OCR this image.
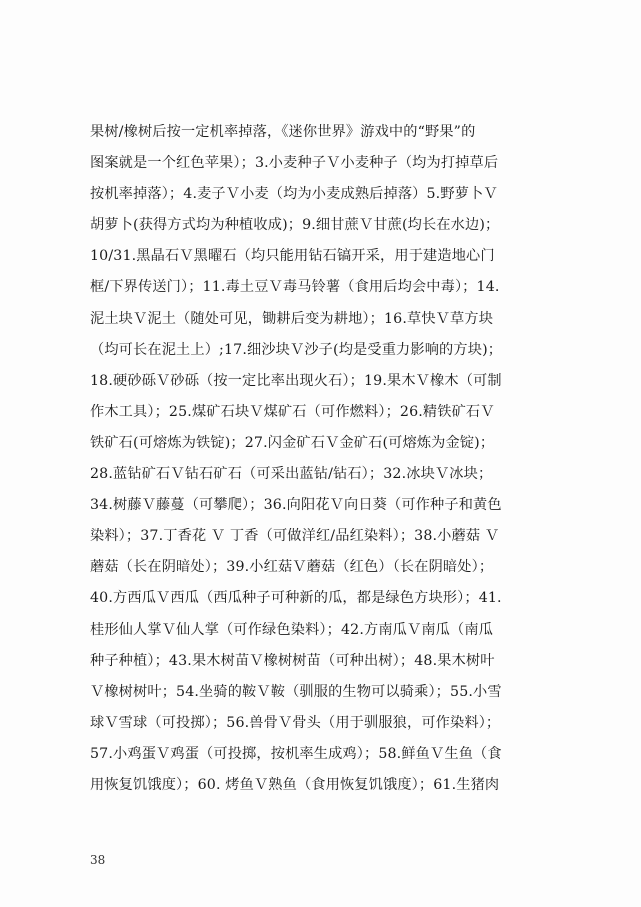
果树/橡树后按一定机率掉落，《迷你世界》游戏中的“野果”的
图案就是一个红色苹果）；3.小麦种子Ｖ小麦种子（均为打掉草后
按机率掉落）；4.麦子Ｖ小麦（均为小麦成熟后掉落）5.野萝卜Ｖ
胡萝卜(获得方式均为种植收成)；9.细甘蔗Ｖ甘蔗(均长在水边)；
10/31.黑晶石Ｖ黑曜石（均只能用钻石镐开采，用于建造地心门
框/下界传送门）；11.毒土豆Ｖ毒马铃薯（食用后均会中毒）；14.
泥土块Ｖ泥土（随处可见，锄耕后变为耕地）；16.草快Ｖ草方块
（均可长在泥土上）;17.细沙块Ｖ沙子(均是受重力影响的方块)；
18.硬砂砾Ｖ砂砾（按一定比率出现火石）；19.果木Ｖ橡木（可制
作木工具）；25.煤矿石块Ｖ煤矿石（可作燃料）；26.精铁矿石Ｖ
铁矿石(可熔炼为铁锭)；27.闪金矿石Ｖ金矿石(可熔炼为金锭)；
28.蓝钻矿石Ｖ钻石矿石（可采出蓝钻/钻石）；32.冰块Ｖ冰块；
34.树藤Ｖ藤蔓（可攀爬）；36.向阳花Ｖ向日葵（可作种子和黄色
染料）；37.丁香花 Ｖ 丁香（可做洋红/品红染料）；38.小蘑菇 Ｖ
蘑菇（长在阴暗处）；39.小红菇Ｖ蘑菇（红色）（长在阴暗处）；
40.方西瓜Ｖ西瓜（西瓜种子可种新的瓜，都是绿色方块形）；41.
桂形仙人掌Ｖ仙人掌（可作绿色染料）；42.方南瓜Ｖ南瓜（南瓜
种子种植）；43.果木树苗Ｖ橡树树苗（可种出树）；48.果木树叶
Ｖ橡树树叶；54.坐骑的鞍Ｖ鞍（驯服的生物可以骑乘）；55.小雪
球Ｖ雪球（可投掷）；56.兽骨Ｖ骨头（用于驯服狼，可作染料）；
57.小鸡蛋Ｖ鸡蛋（可投掷，按机率生成鸡）；58.鲜鱼Ｖ生鱼（食
用恢复饥饿度）；60. 烤鱼Ｖ熟鱼（食用恢复饥饿度）；61.生猪肉
38
